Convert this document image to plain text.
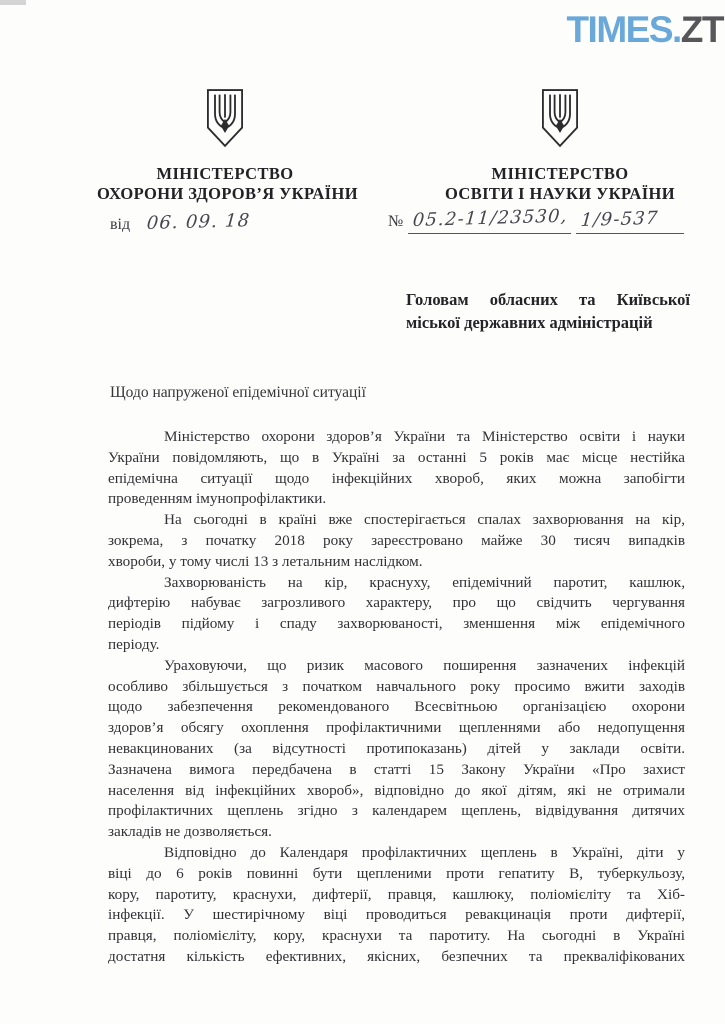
TIMES.ZT
МІНІСТЕРСТВО
ОХОРОНИ ЗДОРОВ’Я УКРАЇНИ
МІНІСТЕРСТВО
ОСВІТИ І НАУКИ УКРАЇНИ
від 06. 09. 18	№ 05.2-11/23530, 1/9-537
Головам обласних та Київської
міської державних адміністрацій
Щодо напруженої епідемічної ситуації
Міністерство охорони здоров’я України та Міністерство освіти і науки
України повідомляють, що в Україні за останні 5 років має місце нестійка
епідемічна ситуації щодо інфекційних хвороб, яких можна запобігти
проведенням імунопрофілактики.
На сьогодні в країні вже спостерігається спалах захворювання на кір,
зокрема, з початку 2018 року зареєстровано майже 30 тисяч випадків
хвороби, у тому числі 13 з летальним наслідком.
Захворюваність на кір, краснуху, епідемічний паротит, кашлюк,
дифтерію набуває загрозливого характеру, про що свідчить чергування
періодів підйому і спаду захворюваності, зменшення між епідемічного
періоду.
Ураховуючи, що ризик масового поширення зазначених інфекцій
особливо збільшується з початком навчального року просимо вжити заходів
щодо забезпечення рекомендованого Всесвітньою організацією охорони
здоров’я обсягу охоплення профілактичними щепленнями або недопущення
невакцинованих (за відсутності протипоказань) дітей у заклади освіти.
Зазначена вимога передбачена в статті 15 Закону України «Про захист
населення від інфекційних хвороб», відповідно до якої дітям, які не отримали
профілактичних щеплень згідно з календарем щеплень, відвідування дитячих
закладів не дозволяється.
Відповідно до Календаря профілактичних щеплень в Україні, діти у
віці до 6 років повинні бути щепленими проти гепатиту В, туберкульозу,
кору, паротиту, краснухи, дифтерії, правця, кашлюку, поліомієліту та Хіб-
інфекції. У шестирічному віці проводиться ревакцинація проти дифтерії,
правця, поліомієліту, кору, краснухи та паротиту. На сьогодні в Україні
достатня кількість ефективних, якісних, безпечних та прекваліфікованих
